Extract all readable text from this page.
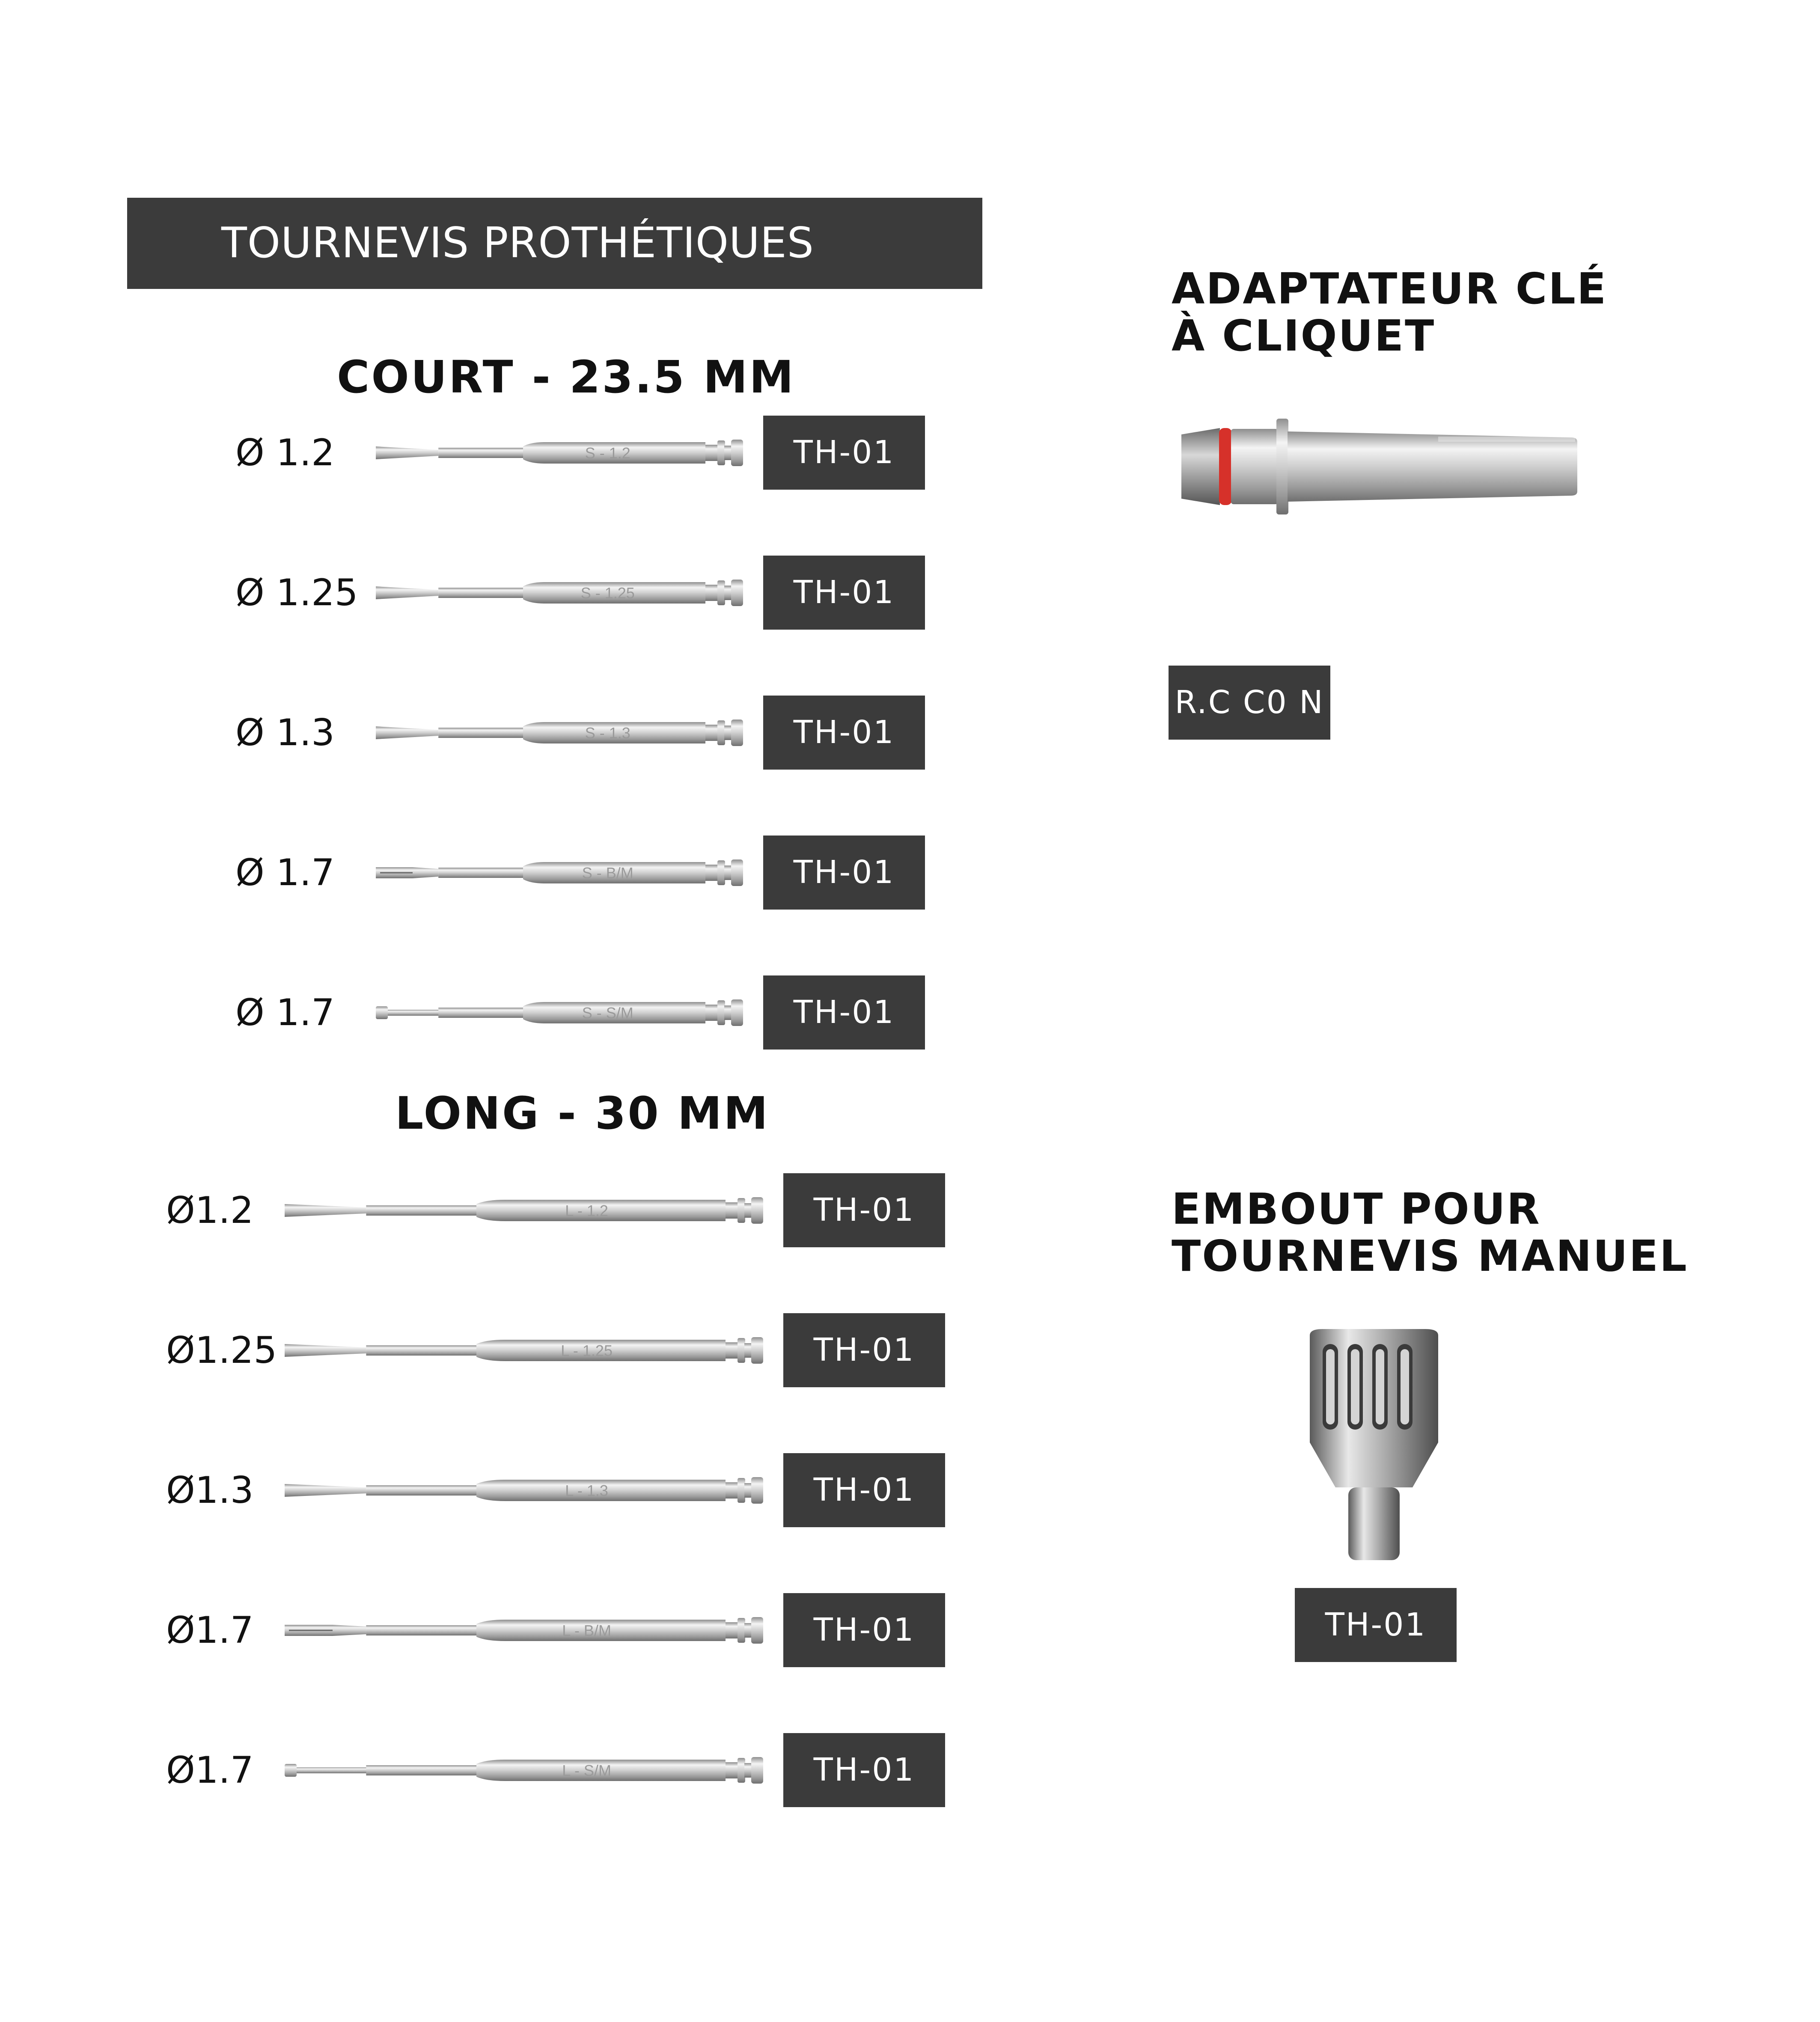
TOURNEVIS PROTHÉTIQUES
COURT - 23.5 MM
Ø 1.2	S - 1.2	TH-01
Ø 1.25	S - 1.25	TH-01
Ø 1.3	S - 1.3	TH-01
Ø 1.7	S - B/M	TH-01
Ø 1.7	S - S/M	TH-01
LONG - 30 MM
Ø1.2	L - 1.2	TH-01
Ø1.25	L - 1.25	TH-01
Ø1.3	L - 1.3	TH-01
Ø1.7	L - B/M	TH-01
Ø1.7	L - S/M	TH-01
ADAPTATEUR CLÉ
À CLIQUET
R.C C0 N
EMBOUT POUR
TOURNEVIS MANUEL
TH-01
